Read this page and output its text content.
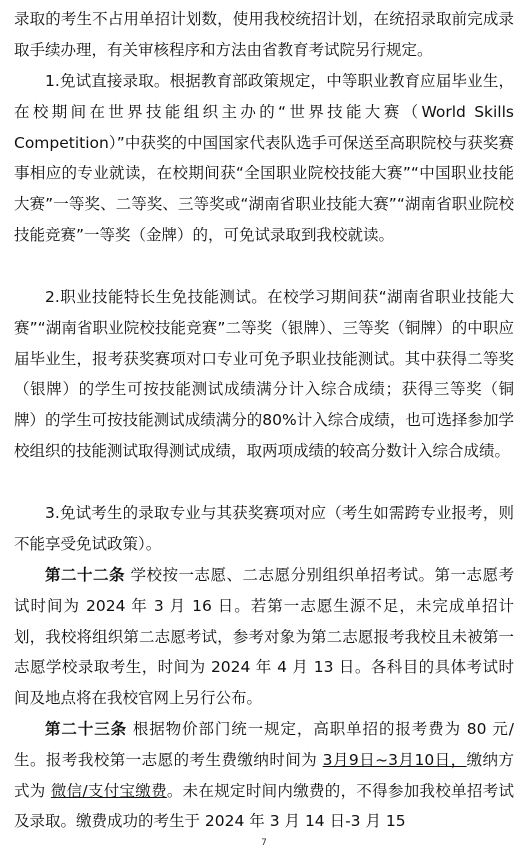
录取的考生不占用单招计划数，使用我校统招计划，在统招录取前完成录取手续办理，有关审核程序和方法由省教育考试院另行规定。

1.免试直接录取。根据教育部政策规定，中等职业教育应届毕业生，在校期间在世界技能组织主办的“世界技能大赛（World Skills Competition）”中获奖的中国国家代表队选手可保送至高职院校与获奖赛事相应的专业就读，在校期间获“全国职业院校技能大赛”“中国职业技能大赛”一等奖、二等奖、三等奖或“湖南省职业技能大赛”“湖南省职业院校技能竞赛”一等奖（金牌）的，可免试录取到我校就读。

2.职业技能特长生免技能测试。在校学习期间获“湖南省职业技能大赛”“湖南省职业院校技能竞赛”二等奖（银牌）、三等奖（铜牌）的中职应届毕业生，报考获奖赛项对口专业可免予职业技能测试。其中获得二等奖（银牌）的学生可按技能测试成绩满分计入综合成绩；获得三等奖（铜牌）的学生可按技能测试成绩满分的80%计入综合成绩，也可选择参加学校组织的技能测试取得测试成绩，取两项成绩的较高分数计入综合成绩。

3.免试考生的录取专业与其获奖赛项对应（考生如需跨专业报考，则不能享受免试政策）。

第二十二条 学校按一志愿、二志愿分别组织单招考试。第一志愿考试时间为 2024 年 3 月 16 日。若第一志愿生源不足，未完成单招计划，我校将组织第二志愿考试，参考对象为第二志愿报考我校且未被第一志愿学校录取考生，时间为 2024 年 4 月 13 日。各科目的具体考试时间及地点将在我校官网上另行公布。

第二十三条 根据物价部门统一规定，高职单招的报考费为 80 元/生。报考我校第一志愿的考生费缴纳时间为 3月9日~3月10日，缴纳方式为 微信/支付宝缴费。未在规定时间内缴费的，不得参加我校单招考试及录取。缴费成功的考生于 2024 年 3 月 14 日-3 月 15

7
